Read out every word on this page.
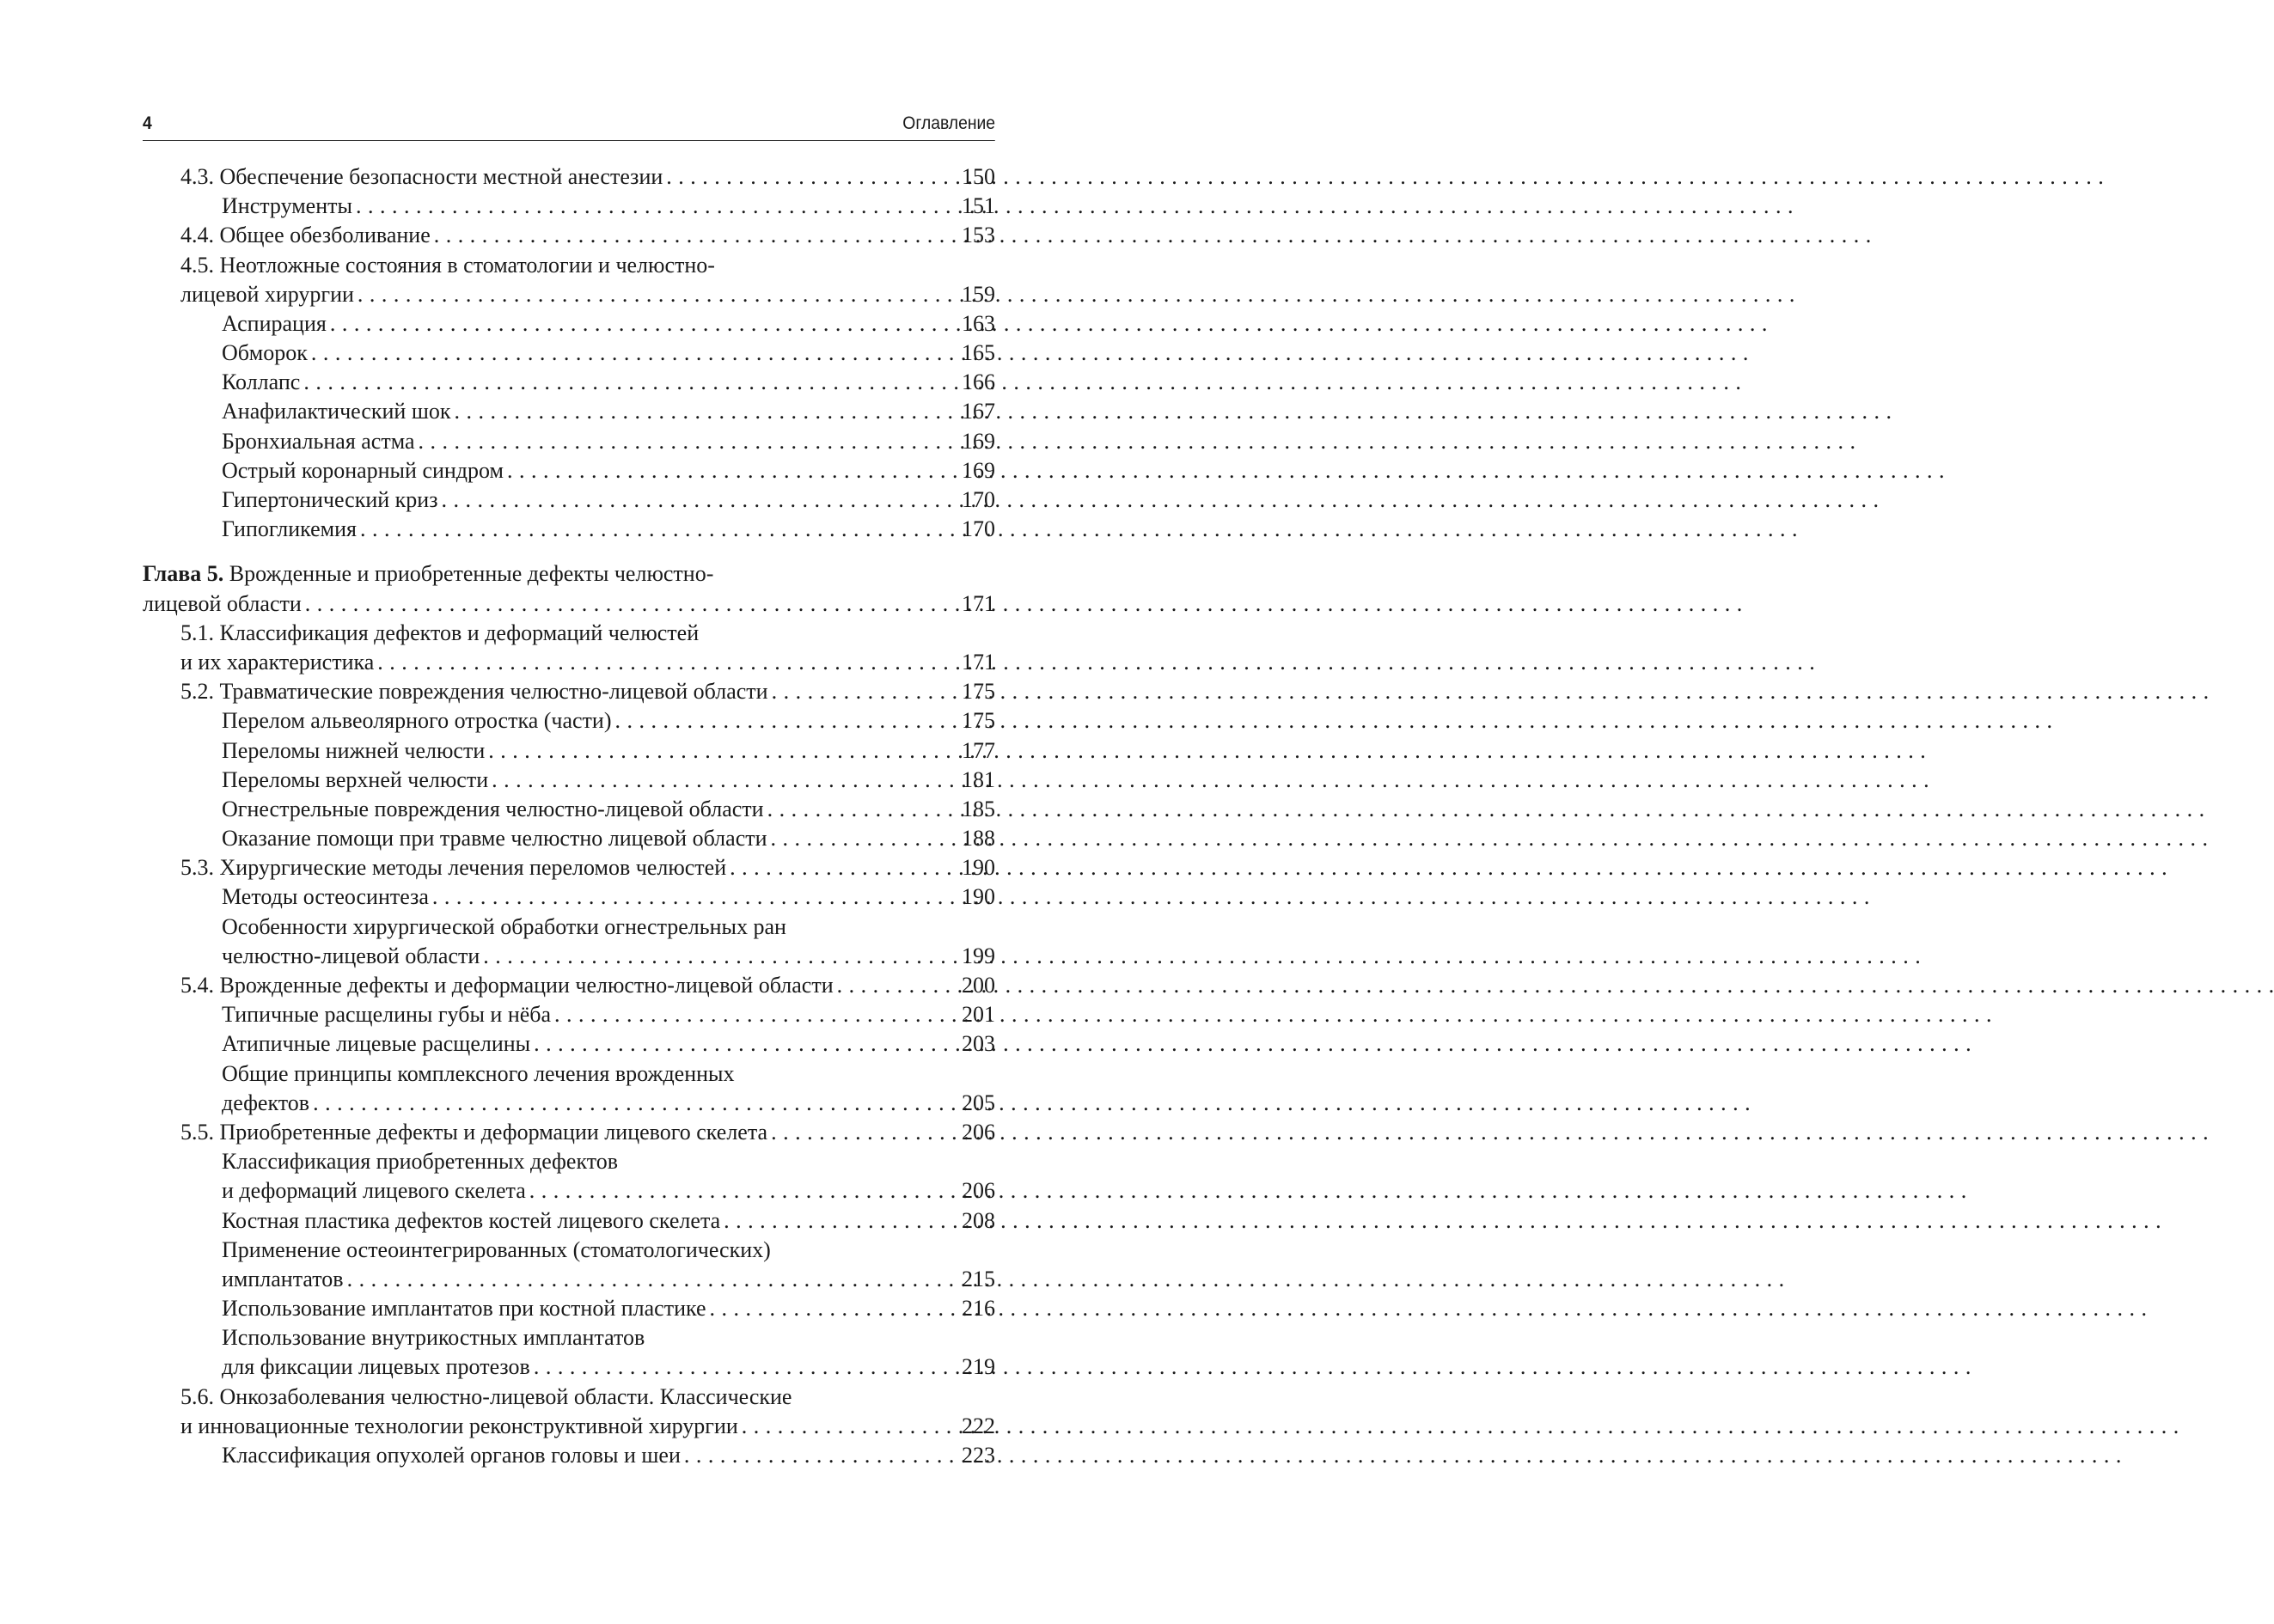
4	Оглавление
4.3. Обеспечение безопасности местной анестезии . . .	150
Инструменты . . .	151
4.4. Общее обезболивание . . .	153
4.5. Неотложные состояния в стоматологии и челюстно-
лицевой хирургии . . .	159
Аспирация . . .	163
Обморок . . .	165
Коллапс . . .	166
Анафилактический шок . . .	167
Бронхиальная астма . . .	169
Острый коронарный синдром . . .	169
Гипертонический криз . . .	170
Гипогликемия . . .	170
Глава 5. Врожденные и приобретенные дефекты челюстно-
лицевой области . . .	171
5.1. Классификация дефектов и деформаций челюстей
и их характеристика . . .	171
5.2. Травматические повреждения челюстно-лицевой области . . .	175
Перелом альвеолярного отростка (части) . . .	175
Переломы нижней челюсти . . .	177
Переломы верхней челюсти . . .	181
Огнестрельные повреждения челюстно-лицевой области . . .	185
Оказание помощи при травме челюстно лицевой области . . .	188
5.3. Хирургические методы лечения переломов челюстей . . .	190
Методы остеосинтеза . . .	190
Особенности хирургической обработки огнестрельных ран
челюстно-лицевой области . . .	199
5.4. Врожденные дефекты и деформации челюстно-лицевой области . . .	200
Типичные расщелины губы и нёба . . .	201
Атипичные лицевые расщелины . . .	203
Общие принципы комплексного лечения врожденных
дефектов . . .	205
5.5. Приобретенные дефекты и деформации лицевого скелета . . .	206
Классификация приобретенных дефектов
и деформаций лицевого скелета . . .	206
Костная пластика дефектов костей лицевого скелета . . .	208
Применение остеоинтегрированных (стоматологических)
имплантатов . . .	215
Использование имплантатов при костной пластике . . .	216
Использование внутрикостных имплантатов
для фиксации лицевых протезов . . .	219
5.6. Онкозаболевания челюстно-лицевой области. Классические
и инновационные технологии реконструктивной хирургии . . .	222
Классификация опухолей органов головы и шеи . . .	223
